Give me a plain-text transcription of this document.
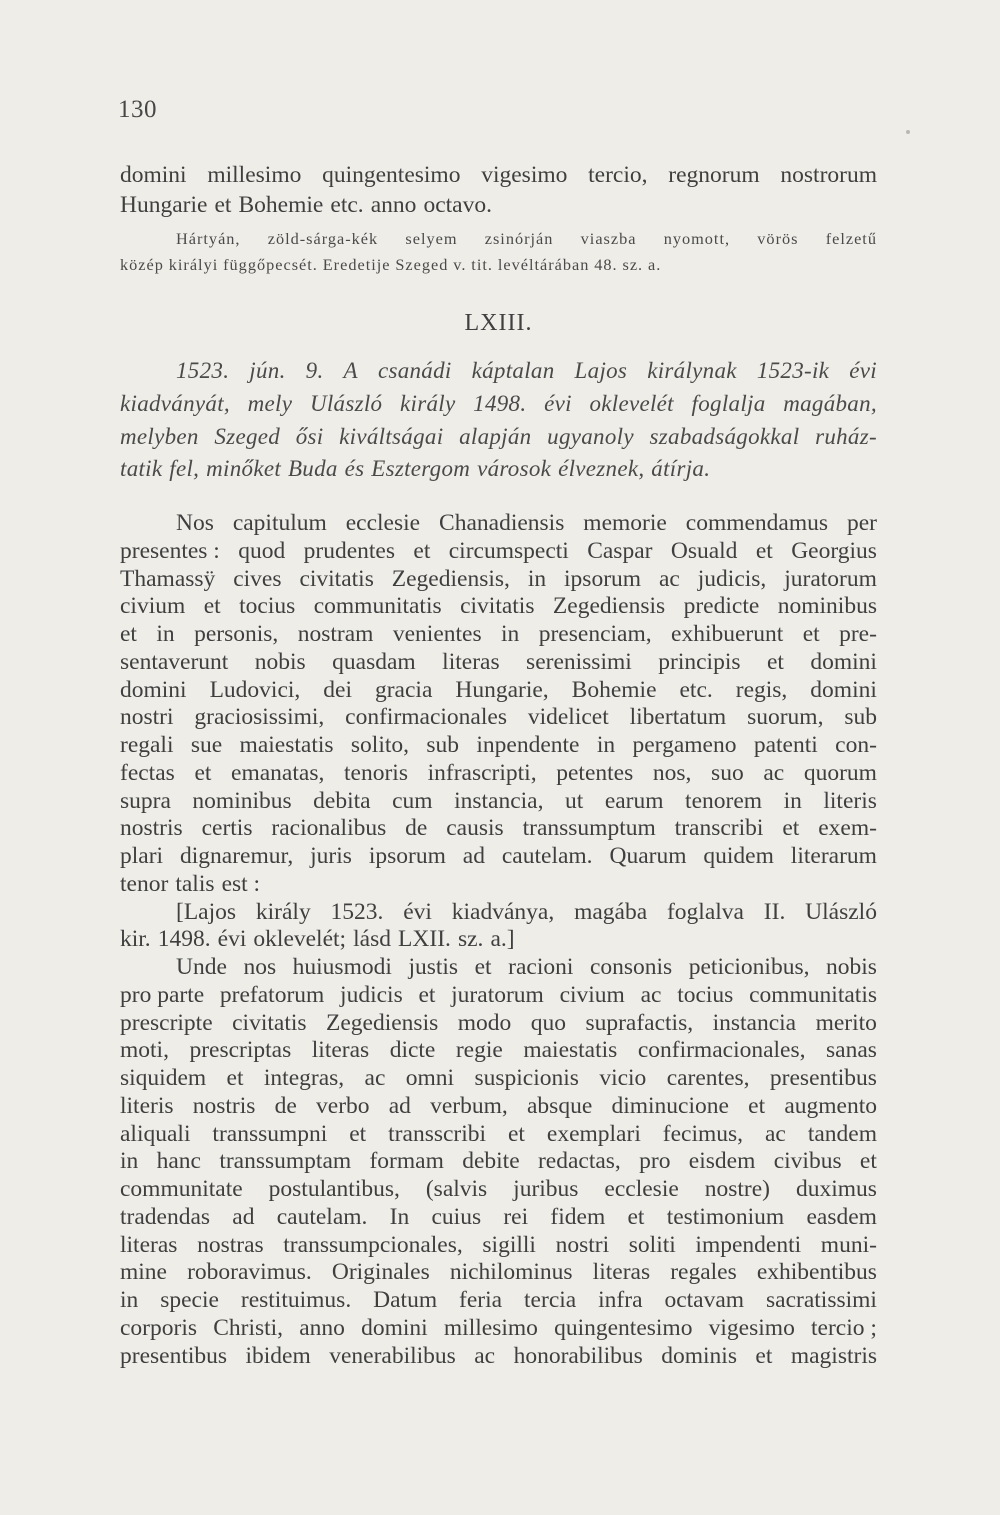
130
domini millesimo quingentesimo vigesimo tercio, regnorum nostrorum
Hungarie et Bohemie etc. anno octavo.
Hártyán, zöld-sárga-kék selyem zsinórján viaszba nyomott, vörös felzetű
közép királyi függőpecsét. Eredetije Szeged v. tit. levéltárában 48. sz. a.
LXIII.
1523. jún. 9. A csanádi káptalan Lajos királynak 1523-ik évi
kiadványát, mely Ulászló király 1498. évi oklevelét foglalja magában,
melyben Szeged ősi kiváltságai alapján ugyanoly szabadságokkal ruház-
tatik fel, minőket Buda és Esztergom városok élveznek, átírja.
Nos capitulum ecclesie Chanadiensis memorie commendamus per
presentes : quod prudentes et circumspecti Caspar Osuald et Georgius
Thamassÿ cives civitatis Zegediensis, in ipsorum ac judicis, juratorum
civium et tocius communitatis civitatis Zegediensis predicte nominibus
et in personis, nostram venientes in presenciam, exhibuerunt et pre-
sentaverunt nobis quasdam literas serenissimi principis et domini
domini Ludovici, dei gracia Hungarie, Bohemie etc. regis, domini
nostri graciosissimi, confirmacionales videlicet libertatum suorum, sub
regali sue maiestatis solito, sub inpendente in pergameno patenti con-
fectas et emanatas, tenoris infrascripti, petentes nos, suo ac quorum
supra nominibus debita cum instancia, ut earum tenorem in literis
nostris certis racionalibus de causis transsumptum transcribi et exem-
plari dignaremur, juris ipsorum ad cautelam. Quarum quidem literarum
tenor talis est :
[Lajos király 1523. évi kiadványa, magába foglalva II. Ulászló
kir. 1498. évi oklevelét; lásd LXII. sz. a.]
Unde nos huiusmodi justis et racioni consonis peticionibus, nobis
pro parte prefatorum judicis et juratorum civium ac tocius communitatis
prescripte civitatis Zegediensis modo quo suprafactis, instancia merito
moti, prescriptas literas dicte regie maiestatis confirmacionales, sanas
siquidem et integras, ac omni suspicionis vicio carentes, presentibus
literis nostris de verbo ad verbum, absque diminucione et augmento
aliquali transsumpni et transscribi et exemplari fecimus, ac tandem
in hanc transsumptam formam debite redactas, pro eisdem civibus et
communitate postulantibus, (salvis juribus ecclesie nostre) duximus
tradendas ad cautelam. In cuius rei fidem et testimonium easdem
literas nostras transsumpcionales, sigilli nostri soliti impendenti muni-
mine roboravimus. Originales nichilominus literas regales exhibentibus
in specie restituimus. Datum feria tercia infra octavam sacratissimi
corporis Christi, anno domini millesimo quingentesimo vigesimo tercio ;
presentibus ibidem venerabilibus ac honorabilibus dominis et magistris
